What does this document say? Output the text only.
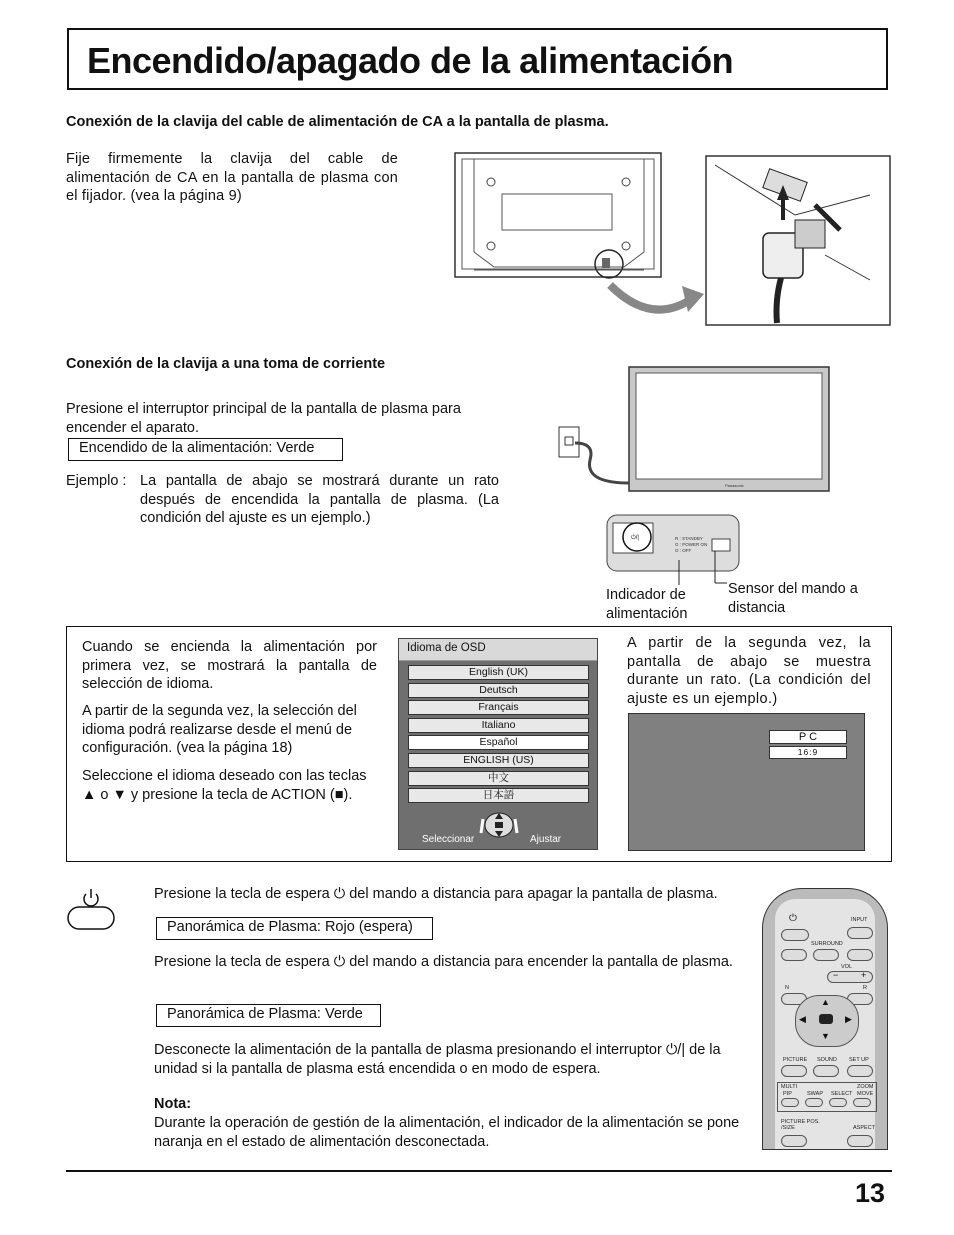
Encendido/apagado de la alimentación
Conexión de la clavija del cable de alimentación de CA a la pantalla de plasma.
Fije firmemente la clavija del cable de alimentación de CA en la pantalla de plasma con el fijador. (vea la página 9)
Conexión de la clavija a una toma de corriente
Presione el interruptor principal de la pantalla de plasma para encender el aparato.
Encendido de la alimentación: Verde
Ejemplo : La pantalla de abajo se mostrará durante un rato después de encendida la pantalla de plasma. (La condición del ajuste es un ejemplo.)
Panasonic
⏻/|	R : STANDBY
G : POWER ON
O : OFF
Indicador de alimentación
Sensor del mando a distancia
Cuando se encienda la alimentación por primera vez, se mostrará la pantalla de selección de idioma.
A partir de la segunda vez, la selección del idioma podrá realizarse desde el menú de configuración. (vea la página 18)
Seleccione el idioma deseado con las teclas ▲ o ▼ y presione la tecla de ACTION (■).
Idioma de OSD
English (UK)
Deutsch
Français
Italiano
Español
ENGLISH (US)
中文
日本語
Seleccionar	Ajustar
A partir de la segunda vez, la pantalla de abajo se muestra durante un rato. (La condición del ajuste es un ejemplo.)
P C
16:9
Presione la tecla de espera ⏻ del mando a distancia para apagar la pantalla de plasma.
Panorámica de Plasma: Rojo (espera)
Presione la tecla de espera ⏻ del mando a distancia para encender la pantalla de plasma.
Panorámica de Plasma: Verde
Desconecte la alimentación de la pantalla de plasma presionando el interruptor ⏻/| de la unidad si la pantalla de plasma está encendida o en modo de espera.
Nota:
Durante la operación de gestión de la alimentación, el indicador de la alimentación se pone naranja en el estado de alimentación desconectada.
⏻	INPUT
SURROUND
VOL
−	+
N	R
▲
▼
◀	▶
PICTURE SOUND SET UP
MULTI	ZOOM
PIP	SWAP SELECT MOVE
PICTURE POS. /SIZE	ASPECT
13
